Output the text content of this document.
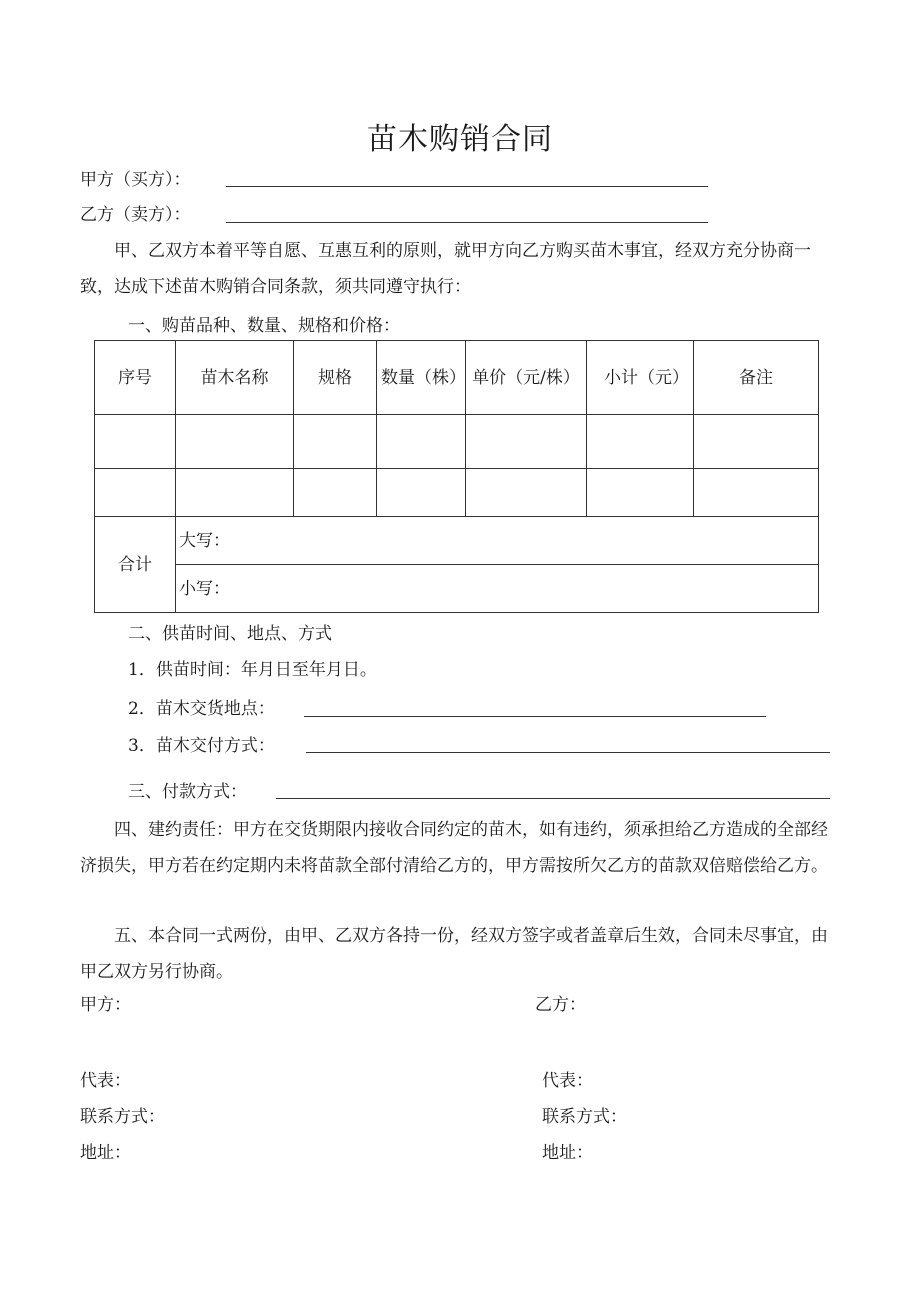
苗木购销合同
甲方（买方）：
乙方（卖方）：
甲、乙双方本着平等自愿、互惠互利的原则，就甲方向乙方购买苗木事宜，经双方充分协商一致，达成下述苗木购销合同条款，须共同遵守执行：
一、购苗品种、数量、规格和价格：
序号	苗木名称	规格	数量（株）	单价（元/株）	小计（元）	备注

合计	大写：					
	小写：					
二、供苗时间、地点、方式
1．供苗时间：年月日至年月日。
2．苗木交货地点：
3．苗木交付方式：
三、付款方式：
四、建约责任：甲方在交货期限内接收合同约定的苗木，如有违约，须承担给乙方造成的全部经济损失，甲方若在约定期内未将苗款全部付清给乙方的，甲方需按所欠乙方的苗款双倍赔偿给乙方。
五、本合同一式两份，由甲、乙双方各持一份，经双方签字或者盖章后生效，合同未尽事宜，由甲乙双方另行协商。
甲方：	乙方：
代表：	代表：
联系方式：	联系方式：
地址：	地址：
